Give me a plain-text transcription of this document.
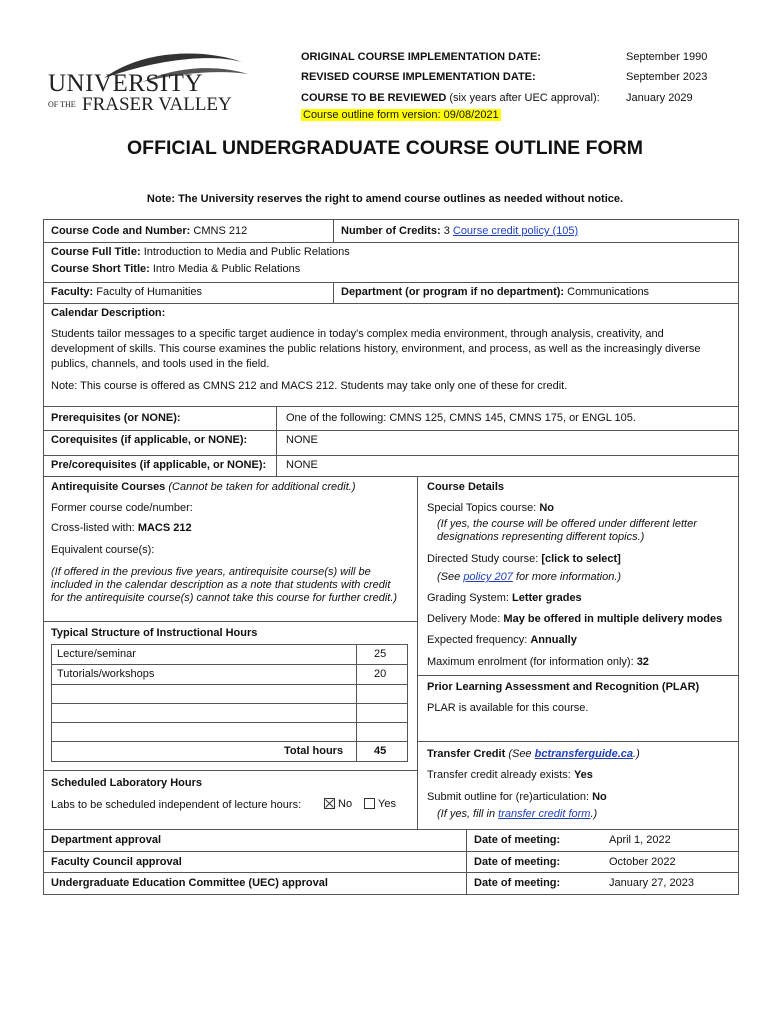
UNIVERSITY
OF THE FRASER VALLEY
ORIGINAL COURSE IMPLEMENTATION DATE:	September 1990
REVISED COURSE IMPLEMENTATION DATE:	September 2023
COURSE TO BE REVIEWED (six years after UEC approval): January 2029
Course outline form version: 09/08/2021
OFFICIAL UNDERGRADUATE COURSE OUTLINE FORM
Note: The University reserves the right to amend course outlines as needed without notice.
Course Code and Number: CMNS 212	Number of Credits: 3 Course credit policy (105)
Course Full Title: Introduction to Media and Public Relations
Course Short Title: Intro Media & Public Relations
Faculty: Faculty of Humanities	Department (or program if no department): Communications
Calendar Description:
Students tailor messages to a specific target audience in today's complex media environment, through analysis, creativity, and
development of skills. This course examines the public relations history, environment, and process, as well as the increasingly diverse
publics, channels, and tools used in the field.
Note: This course is offered as CMNS 212 and MACS 212. Students may take only one of these for credit.
Prerequisites (or NONE):	One of the following: CMNS 125, CMNS 145, CMNS 175, or ENGL 105.
Corequisites (if applicable, or NONE):	NONE
Pre/corequisites (if applicable, or NONE): NONE
Antirequisite Courses (Cannot be taken for additional credit.)
Former course code/number:
Cross-listed with: MACS 212
Equivalent course(s):
(If offered in the previous five years, antirequisite course(s) will be
included in the calendar description as a note that students with credit
for the antirequisite course(s) cannot take this course for further credit.)
Typical Structure of Instructional Hours
Lecture/seminar	25
Tutorials/workshops	20
Total hours	45
Scheduled Laboratory Hours
Labs to be scheduled independent of lecture hours:	No	Yes
Course Details
Special Topics course: No
(If yes, the course will be offered under different letter
designations representing different topics.)
Directed Study course: [click to select]
(See policy 207 for more information.)
Grading System: Letter grades
Delivery Mode: May be offered in multiple delivery modes
Expected frequency: Annually
Maximum enrolment (for information only): 32
Prior Learning Assessment and Recognition (PLAR)
PLAR is available for this course.
Transfer Credit (See bctransferguide.ca.)
Transfer credit already exists: Yes
Submit outline for (re)articulation: No
(If yes, fill in transfer credit form.)
Department approval	Date of meeting:	April 1, 2022
Faculty Council approval	Date of meeting:	October 2022
Undergraduate Education Committee (UEC) approval	Date of meeting:	January 27, 2023
